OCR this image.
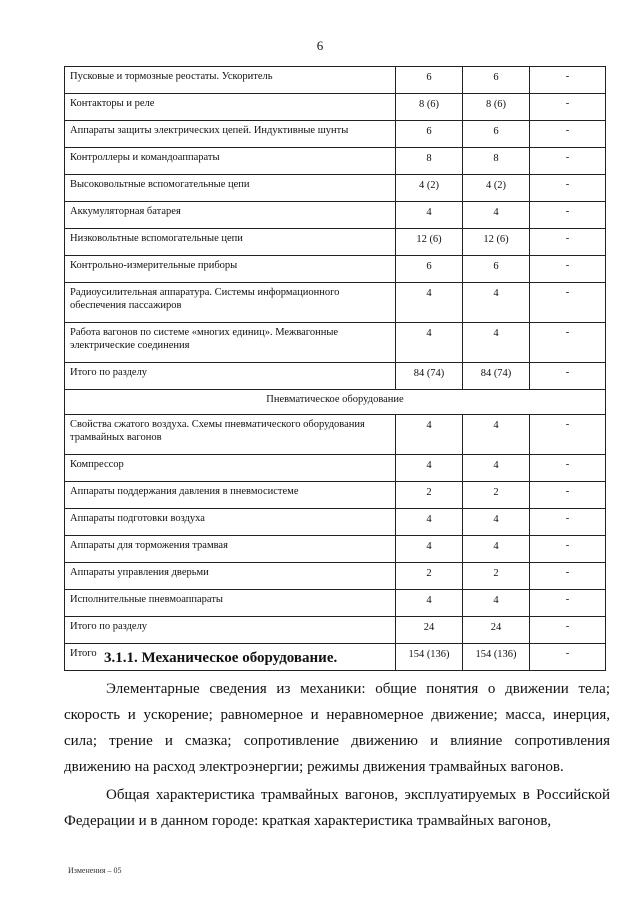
6
Пусковые и тормозные реостаты. Ускоритель	6	6	-
Контакторы и реле	8 (6)	8 (6)	-
Аппараты защиты электрических цепей. Индуктивные шунты	6	6	-
Контроллеры и командоаппараты	8	8	-
Высоковольтные вспомогательные цепи	4 (2)	4 (2)	-
Аккумуляторная батарея	4	4	-
Низковольтные вспомогательные цепи	12 (6)	12 (6)	-
Контрольно-измерительные приборы	6	6	-
Радиоусилительная аппаратура. Системы информационного обеспечения пассажиров	4	4	-
Работа вагонов по системе «многих единиц». Межвагонные электрические соединения	4	4	-
Итого по разделу	84 (74)	84 (74)	-
Пневматическое оборудование			
Свойства сжатого воздуха. Схемы пневматического оборудования трамвайных вагонов	4	4	-
Компрессор	4	4	-
Аппараты поддержания давления в пневмосистеме	2	2	-
Аппараты подготовки воздуха	4	4	-
Аппараты для торможения трамвая	4	4	-
Аппараты управления дверьми	2	2	-
Исполнительные пневмоаппараты	4	4	-
Итого по разделу	24	24	-
Итого	154 (136)	154 (136)	-
3.1.1. Механическое оборудование.

Элементарные сведения из механики: общие понятия о движении тела; скорость и ускорение; равномерное и неравномерное движение; масса, инерция, сила; трение и смазка; сопротивление движению и влияние сопротивления движению на расход электроэнергии; режимы движения трамвайных вагонов.

Общая характеристика трамвайных вагонов, эксплуатируемых в Российской Федерации и в данном городе: краткая характеристика трамвайных вагонов,

Изменения – 05
